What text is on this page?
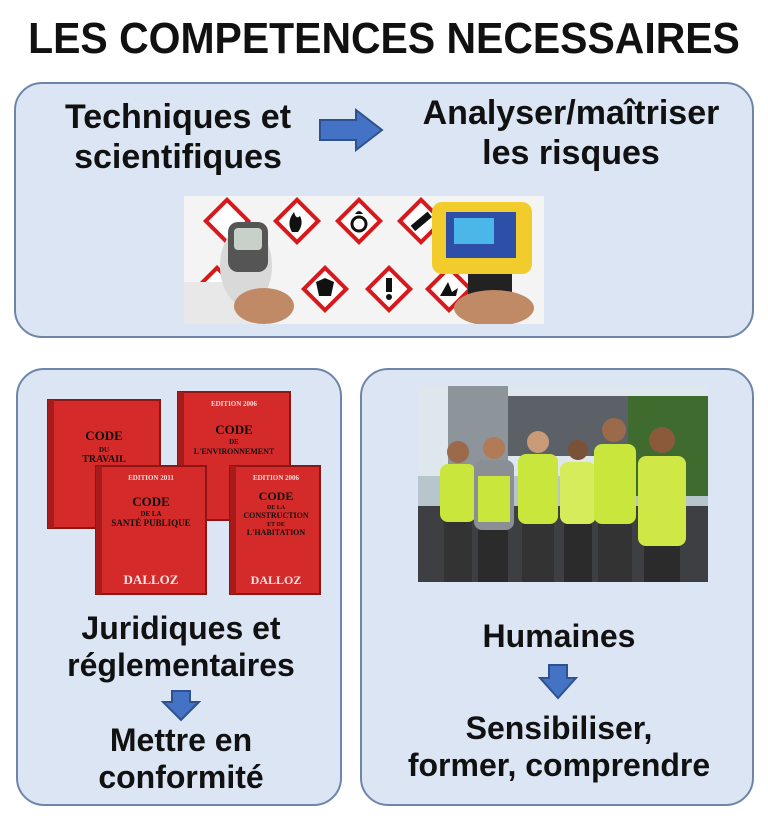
LES COMPETENCES NECESSAIRES
Techniques et
scientifiques
Analyser/maîtriser
les risques
CODE
DU
TRAVAIL
EDITION 2006
CODE
DE
L'ENVIRONNEMENT
EDITION 2011
CODE
DE LA
SANTÉ PUBLIQUE
DALLOZ
EDITION 2006
CODE
DE LA
CONSTRUCTION
ET DE
L'HABITATION
DALLOZ
Juridiques et
réglementaires
Mettre en
conformité
Humaines
Sensibiliser,
former, comprendre
